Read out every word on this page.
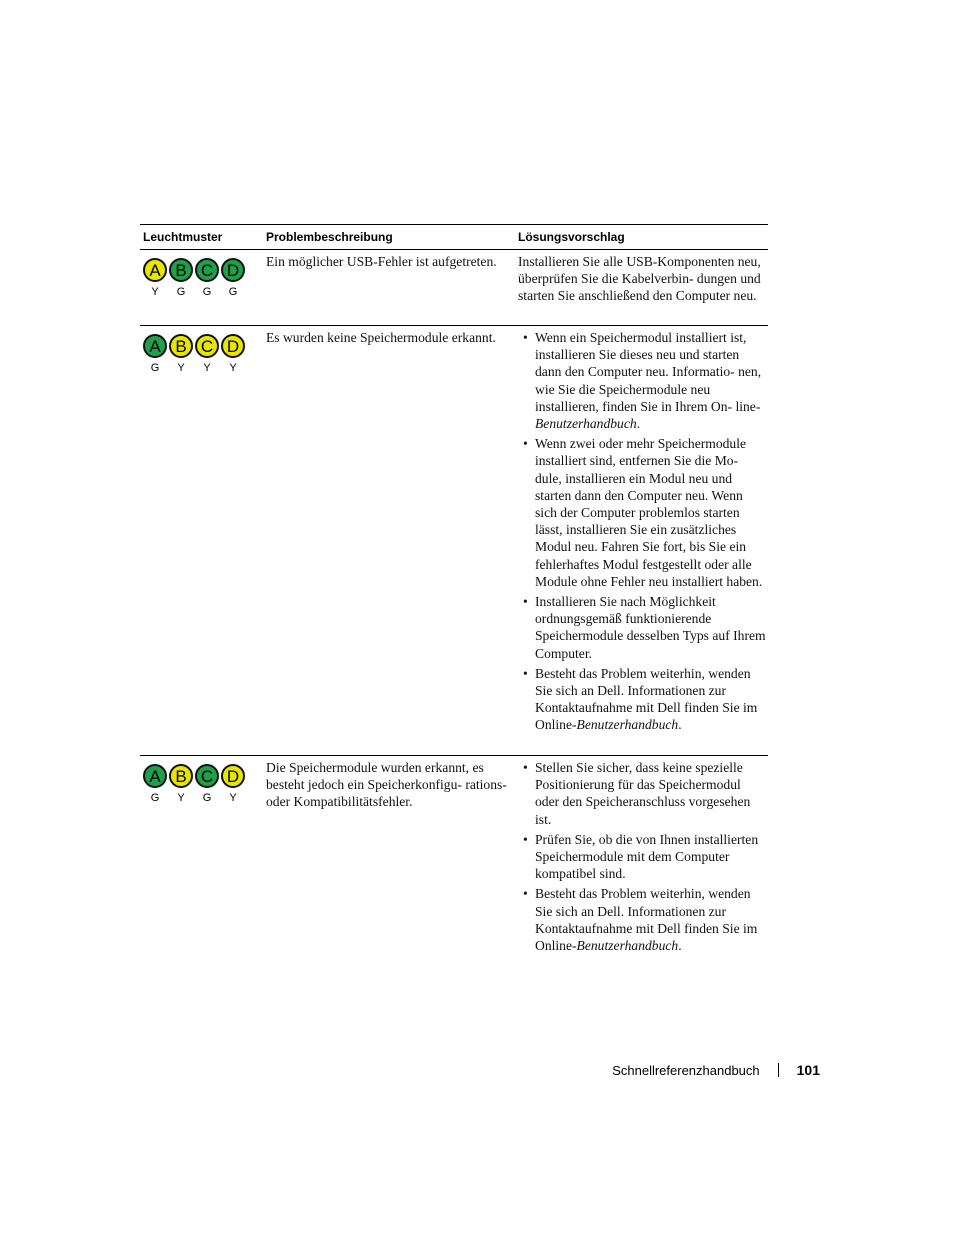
Leuchtmuster	Problembeschreibung	Lösungsvorschlag
A B C D
Y	G	G	G
Ein möglicher USB-Fehler ist aufgetreten.	Installieren Sie alle USB-Komponenten neu, überprüfen Sie die Kabelverbin- dungen und starten Sie anschließend den Computer neu.
A B C D
G	Y	Y	Y
Es wurden keine Speichermodule erkannt.

•	Wenn ein Speichermodul installiert ist, installieren Sie dieses neu und starten dann den Computer neu. Informatio- nen, wie Sie die Speichermodule neu installieren, finden Sie in Ihrem On- line-Benutzerhandbuch.

• Wenn zwei oder mehr Speichermodule installiert sind, entfernen Sie die Mo- dule, installieren ein Modul neu und starten dann den Computer neu. Wenn sich der Computer problemlos starten lässt, installieren Sie ein zusätzliches Modul neu. Fahren Sie fort, bis Sie ein fehlerhaftes Modul festgestellt oder alle Module ohne Fehler neu installiert haben.

• Installieren Sie nach Möglichkeit ordnungsgemäß funktionierende Speichermodule desselben Typs auf Ihrem Computer.

• Besteht das Problem weiterhin, wenden Sie sich an Dell. Informationen zur Kontaktaufnahme mit Dell finden Sie im Online-Benutzerhandbuch.

A B C D
G	Y	G	Y
Die Speichermodule wurden erkannt, es besteht jedoch ein Speicherkonfigu- rations- oder Kompatibilitätsfehler.

• Stellen Sie sicher, dass keine spezielle Positionierung für das Speichermodul oder den Speicheranschluss vorgesehen ist.

• Prüfen Sie, ob die von Ihnen installierten Speichermodule mit dem Computer kompatibel sind.

• Besteht das Problem weiterhin, wenden Sie sich an Dell. Informationen zur Kontaktaufnahme mit Dell finden Sie im Online-Benutzerhandbuch.

Schnellreferenzhandbuch	101
